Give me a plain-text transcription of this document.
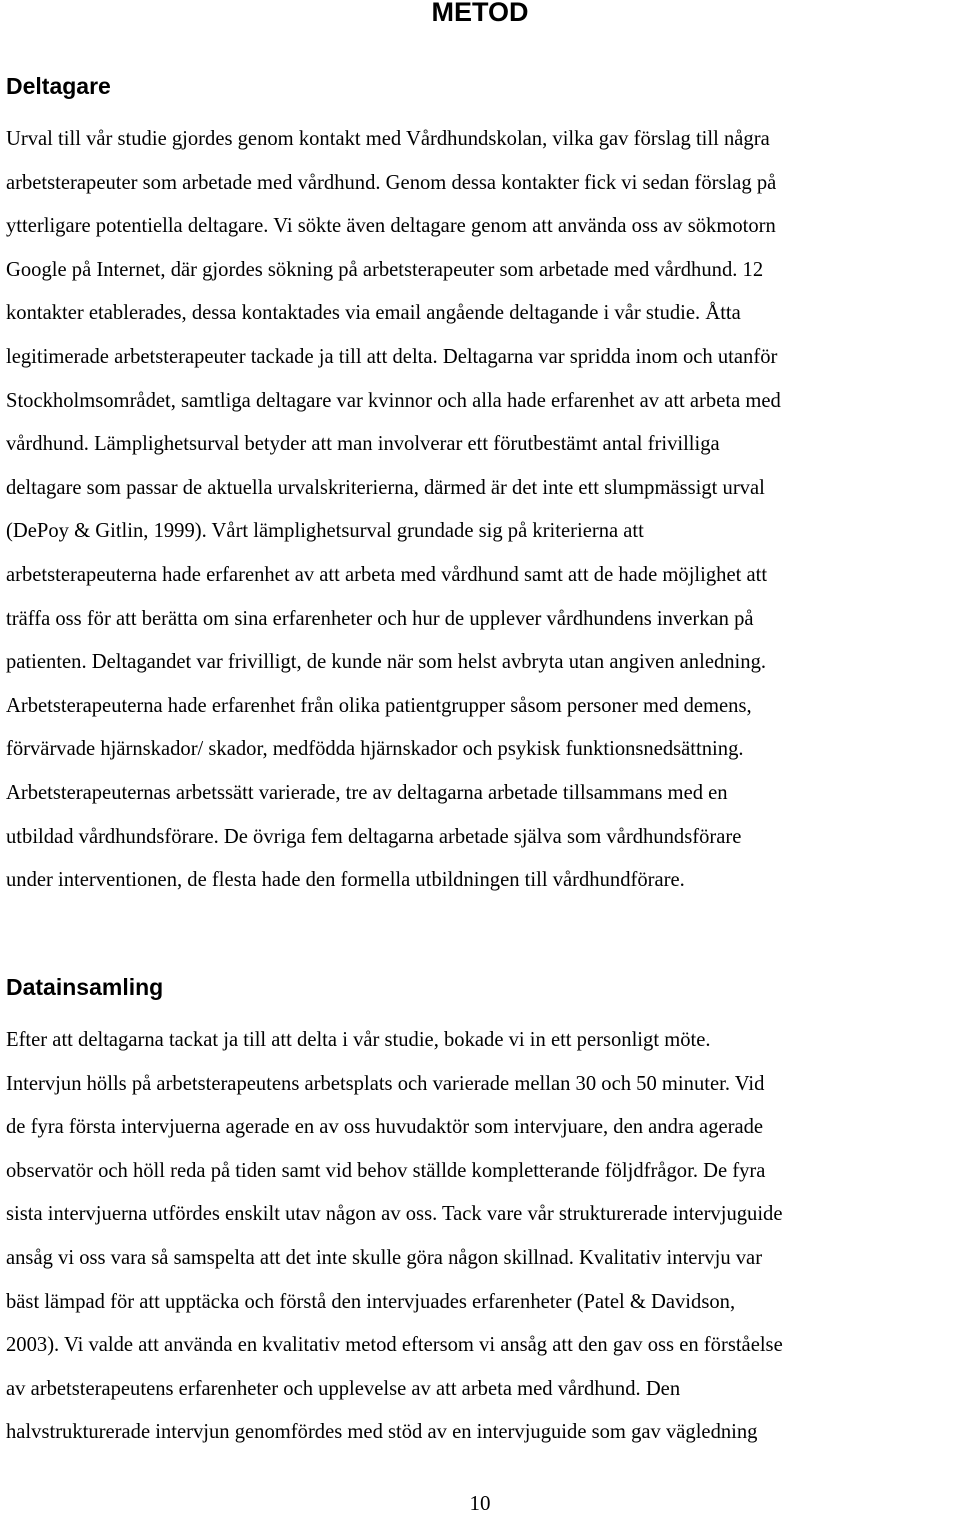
METOD
Deltagare

Urval till vår studie gjordes genom kontakt med Vårdhundskolan, vilka gav förslag till några
arbetsterapeuter som arbetade med vårdhund. Genom dessa kontakter fick vi sedan förslag på
ytterligare potentiella deltagare. Vi sökte även deltagare genom att använda oss av sökmotorn
Google på Internet, där gjordes sökning på arbetsterapeuter som arbetade med vårdhund. 12
kontakter etablerades, dessa kontaktades via email angående deltagande i vår studie. Åtta
legitimerade arbetsterapeuter tackade ja till att delta. Deltagarna var spridda inom och utanför
Stockholmsområdet, samtliga deltagare var kvinnor och alla hade erfarenhet av att arbeta med
vårdhund. Lämplighetsurval betyder att man involverar ett förutbestämt antal frivilliga
deltagare som passar de aktuella urvalskriterierna, därmed är det inte ett slumpmässigt urval
(DePoy & Gitlin, 1999). Vårt lämplighetsurval grundade sig på kriterierna att
arbetsterapeuterna hade erfarenhet av att arbeta med vårdhund samt att de hade möjlighet att
träffa oss för att berätta om sina erfarenheter och hur de upplever vårdhundens inverkan på
patienten. Deltagandet var frivilligt, de kunde när som helst avbryta utan angiven anledning.
Arbetsterapeuterna hade erfarenhet från olika patientgrupper såsom personer med demens,
förvärvade hjärnskador/ skador, medfödda hjärnskador och psykisk funktionsnedsättning.
Arbetsterapeuternas arbetssätt varierade, tre av deltagarna arbetade tillsammans med en
utbildad vårdhundsförare. De övriga fem deltagarna arbetade själva som vårdhundsförare
under interventionen, de flesta hade den formella utbildningen till vårdhundförare.

Datainsamling

Efter att deltagarna tackat ja till att delta i vår studie, bokade vi in ett personligt möte.
Intervjun hölls på arbetsterapeutens arbetsplats och varierade mellan 30 och 50 minuter. Vid
de fyra första intervjuerna agerade en av oss huvudaktör som intervjuare, den andra agerade
observatör och höll reda på tiden samt vid behov ställde kompletterande följdfrågor. De fyra
sista intervjuerna utfördes enskilt utav någon av oss. Tack vare vår strukturerade intervjuguide
ansåg vi oss vara så samspelta att det inte skulle göra någon skillnad. Kvalitativ intervju var
bäst lämpad för att upptäcka och förstå den intervjuades erfarenheter (Patel & Davidson,
2003). Vi valde att använda en kvalitativ metod eftersom vi ansåg att den gav oss en förståelse
av arbetsterapeutens erfarenheter och upplevelse av att arbeta med vårdhund. Den
halvstrukturerade intervjun genomfördes med stöd av en intervjuguide som gav vägledning

10
